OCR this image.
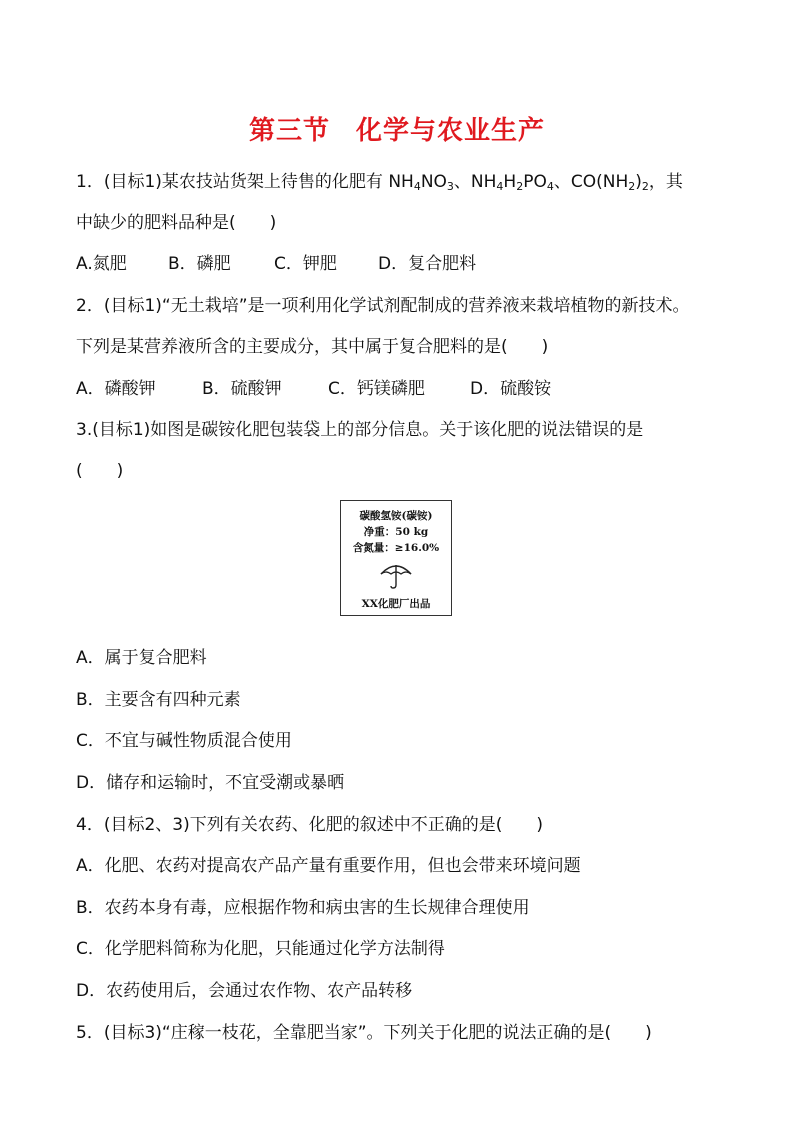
第三节 化学与农业生产
1．(目标1)某农技站货架上待售的化肥有 $NH_4NO_3$、$NH_4H_2PO_4$、$CO(NH_2)_2$，其
中缺少的肥料品种是(　　)
A.氮肥 B．磷肥	C．钾肥 D．复合肥料
2．(目标1)“无土栽培”是一项利用化学试剂配制成的营养液来栽培植物的新技术。
下列是某营养液所含的主要成分，其中属于复合肥料的是(　　)
A．磷酸钾	B．硫酸钾	C．钙镁磷肥	D．硫酸铵
3.(目标1)如图是碳铵化肥包装袋上的部分信息。关于该化肥的说法错误的是
(　　)
碳酸氢铵(碳铵)
净重：50 kg
含氮量：≥16.0%
XX化肥厂出品
A．属于复合肥料
B．主要含有四种元素
C．不宜与碱性物质混合使用
D．储存和运输时，不宜受潮或暴晒
4．(目标2、3)下列有关农药、化肥的叙述中不正确的是(　　)
A．化肥、农药对提高农产品产量有重要作用，但也会带来环境问题
B．农药本身有毒，应根据作物和病虫害的生长规律合理使用
C．化学肥料简称为化肥，只能通过化学方法制得
D．农药使用后，会通过农作物、农产品转移
5．(目标3)“庄稼一枝花，全靠肥当家”。下列关于化肥的说法正确的是(　　)
